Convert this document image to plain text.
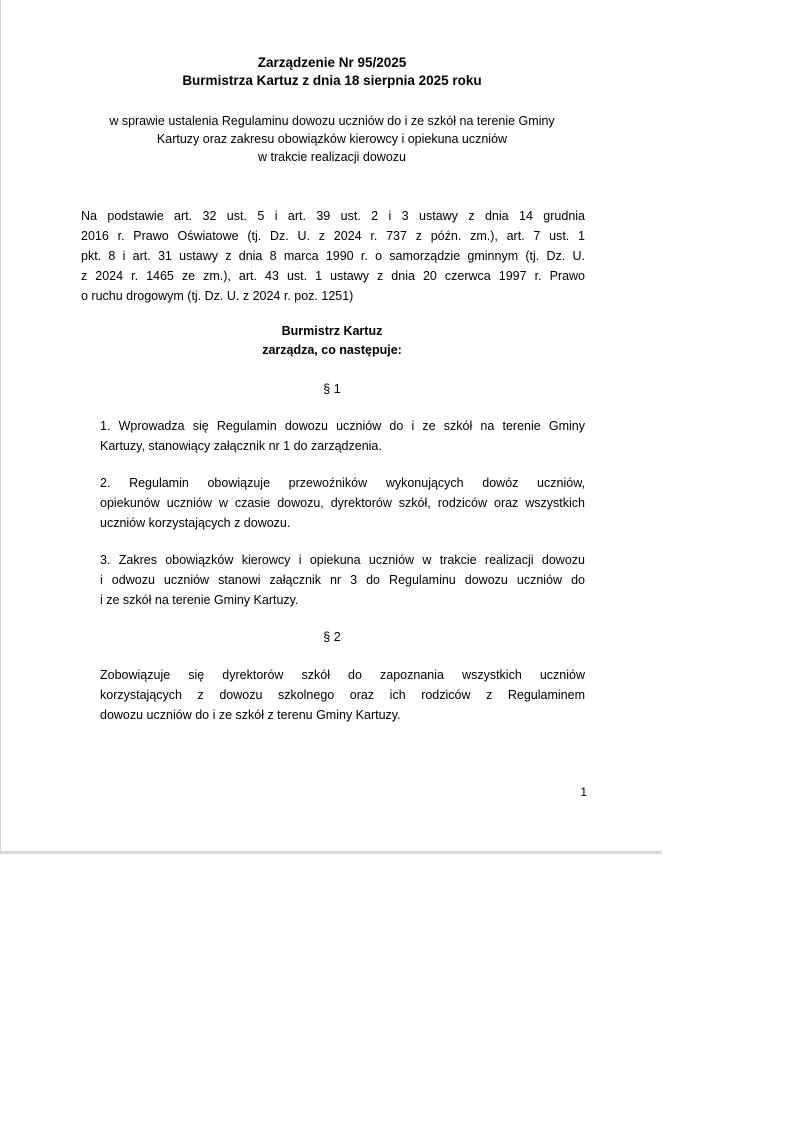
Zarządzenie Nr 95/2025
Burmistrza Kartuz z dnia 18 sierpnia 2025 roku
w sprawie ustalenia Regulaminu dowozu uczniów do i ze szkół na terenie Gminy
Kartuzy oraz zakresu obowiązków kierowcy i opiekuna uczniów
w trakcie realizacji dowozu
Na podstawie art. 32 ust. 5 i art. 39 ust. 2 i 3 ustawy z dnia 14 grudnia
2016 r. Prawo Oświatowe (tj. Dz. U. z 2024 r. 737 z późn. zm.), art. 7 ust. 1
pkt. 8 i art. 31 ustawy z dnia 8 marca 1990 r. o samorządzie gminnym (tj. Dz. U.
z 2024 r. 1465 ze zm.), art. 43 ust. 1 ustawy z dnia 20 czerwca 1997 r. Prawo
o ruchu drogowym (tj. Dz. U. z 2024 r. poz. 1251)
Burmistrz Kartuz
zarządza, co następuje:
§ 1
1. Wprowadza się Regulamin dowozu uczniów do i ze szkół na terenie Gminy
Kartuzy, stanowiący załącznik nr 1 do zarządzenia.
2. Regulamin obowiązuje przewoźników wykonujących dowóz uczniów,
opiekunów uczniów w czasie dowozu, dyrektorów szkół, rodziców oraz wszystkich
uczniów korzystających z dowozu.
3. Zakres obowiązków kierowcy i opiekuna uczniów w trakcie realizacji dowozu
i odwozu uczniów stanowi załącznik nr 3 do Regulaminu dowozu uczniów do
i ze szkół na terenie Gminy Kartuzy.
§ 2
Zobowiązuje się dyrektorów szkół do zapoznania wszystkich uczniów
korzystających z dowozu szkolnego oraz ich rodziców z Regulaminem
dowozu uczniów do i ze szkół z terenu Gminy Kartuzy.
1
